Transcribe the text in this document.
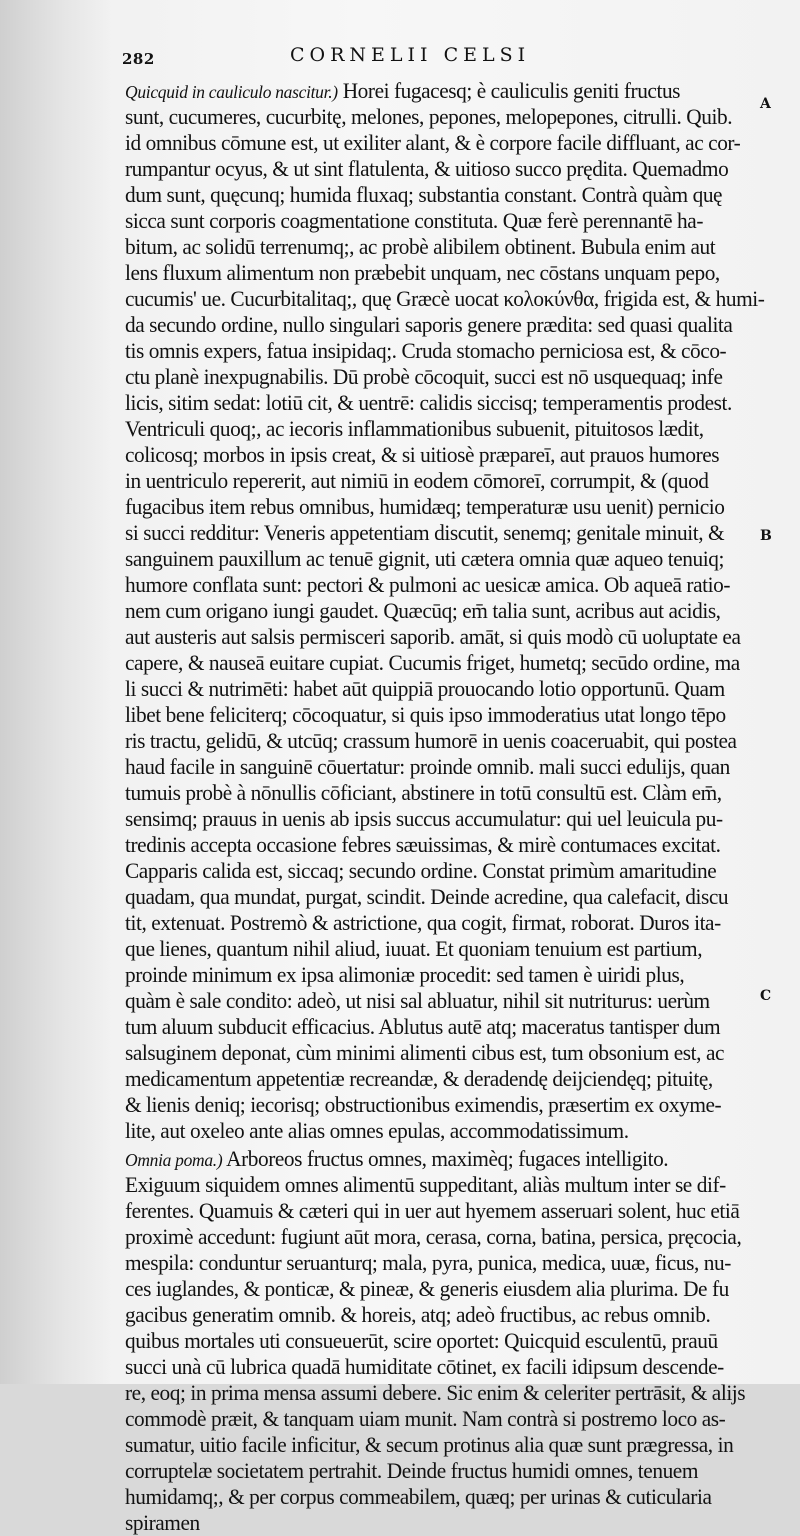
282	CORNELII CELSI
A
B
C
Quicquid in cauliculo nascitur.) Horei fugacesq; è cauliculis geniti fructus
sunt, cucumeres, cucurbitę, melones, pepones, melopepones, citrulli. Quib.
id omnibus cōmune est, ut exiliter alant, & è corpore facile diffluant, ac cor-
rumpantur ocyus, & ut sint flatulenta, & uitioso succo prędita. Quemadmo
dum sunt, quęcunq; humida fluxaq; substantia constant. Contrà quàm quę
sicca sunt corporis coagmentatione constituta. Quæ ferè perennantē ha-
bitum, ac solidū terrenumq;, ac probè alibilem obtinent. Bubula enim aut
lens fluxum alimentum non præbebit unquam, nec cōstans unquam pepo,
cucumis' ue. Cucurbitalitaq;, quę Græcè uocat κολοκύνθα, frigida est, & humi-
da secundo ordine, nullo singulari saporis genere prædita: sed quasi qualita
tis omnis expers, fatua insipidaq;. Cruda stomacho perniciosa est, & cōco-
ctu planè inexpugnabilis. Dū probè cōcoquit, succi est nō usquequaq; infe
licis, sitim sedat: lotiū cit, & uentrē: calidis siccisq; temperamentis prodest.
Ventriculi quoq;, ac iecoris inflammationibus subuenit, pituitosos lædit,
colicosq; morbos in ipsis creat, & si uitiosè præpareī, aut prauos humores
in uentriculo repererit, aut nimiū in eodem cōmoreī, corrumpit, & (quod
fugacibus item rebus omnibus, humidæq; temperaturæ usu uenit) pernicio
si succi redditur: Veneris appetentiam discutit, senemq; genitale minuit, &
sanguinem pauxillum ac tenuē gignit, uti cætera omnia quæ aqueo tenuiq;
humore conflata sunt: pectori & pulmoni ac uesicæ amica. Ob aqueā ratio-
nem cum origano iungi gaudet. Quæcūq; em̄ talia sunt, acribus aut acidis,
aut austeris aut salsis permisceri saporib. amāt, si quis modò cū uoluptate ea
capere, & nauseā euitare cupiat. Cucumis friget, humetq; secūdo ordine, ma
li succi & nutrimēti: habet aūt quippiā prouocando lotio opportunū. Quam
libet bene feliciterq; cōcoquatur, si quis ipso immoderatius utat longo tēpo
ris tractu, gelidū, & utcūq; crassum humorē in uenis coaceruabit, qui postea
haud facile in sanguinē cōuertatur: proinde omnib. mali succi edulijs, quan
tumuis probè à nōnullis cōficiant, abstinere in totū consultū est. Clàm em̄,
sensimq; prauus in uenis ab ipsis succus accumulatur: qui uel leuicula pu-
tredinis accepta occasione febres sæuissimas, & mirè contumaces excitat.
Capparis calida est, siccaq; secundo ordine. Constat primùm amaritudine
quadam, qua mundat, purgat, scindit. Deinde acredine, qua calefacit, discu
tit, extenuat. Postremò & astrictione, qua cogit, firmat, roborat. Duros ita-
que lienes, quantum nihil aliud, iuuat. Et quoniam tenuium est partium,
proinde minimum ex ipsa alimoniæ procedit: sed tamen è uiridi plus,
quàm è sale condito: adeò, ut nisi sal abluatur, nihil sit nutriturus: uerùm
tum aluum subducit efficacius. Ablutus autē atq; maceratus tantisper dum
salsuginem deponat, cùm minimi alimenti cibus est, tum obsonium est, ac
medicamentum appetentiæ recreandæ, & deradendę deijciendęq; pituitę,
& lienis deniq; iecorisq; obstructionibus eximendis, præsertim ex oxyme-
lite, aut oxeleo ante alias omnes epulas, accommodatissimum.
Omnia poma.) Arboreos fructus omnes, maximèq; fugaces intelligito.
Exiguum siquidem omnes alimentū suppeditant, aliàs multum inter se dif-
ferentes. Quamuis & cæteri qui in uer aut hyemem asseruari solent, huc etiā
proximè accedunt: fugiunt aūt mora, cerasa, corna, batina, persica, pręcocia,
mespila: conduntur seruanturq; mala, pyra, punica, medica, uuæ, ficus, nu-
ces iuglandes, & ponticæ, & pineæ, & generis eiusdem alia plurima. De fu
gacibus generatim omnib. & horeis, atq; adeò fructibus, ac rebus omnib.
quibus mortales uti consueuerūt, scire oportet: Quicquid esculentū, prauū
succi unà cū lubrica quadā humiditate cōtinet, ex facili idipsum descende-
re, eoq; in prima mensa assumi debere. Sic enim & celeriter pertrāsit, & alijs
commodè præit, & tanquam uiam munit. Nam contrà si postremo loco as-
sumatur, uitio facile inficitur, & secum protinus alia quæ sunt prægressa, in
corruptelæ societatem pertrahit. Deinde fructus humidi omnes, tenuem
humidamq;, & per corpus commeabilem, quæq; per urinas & cuticularia
spiramen
